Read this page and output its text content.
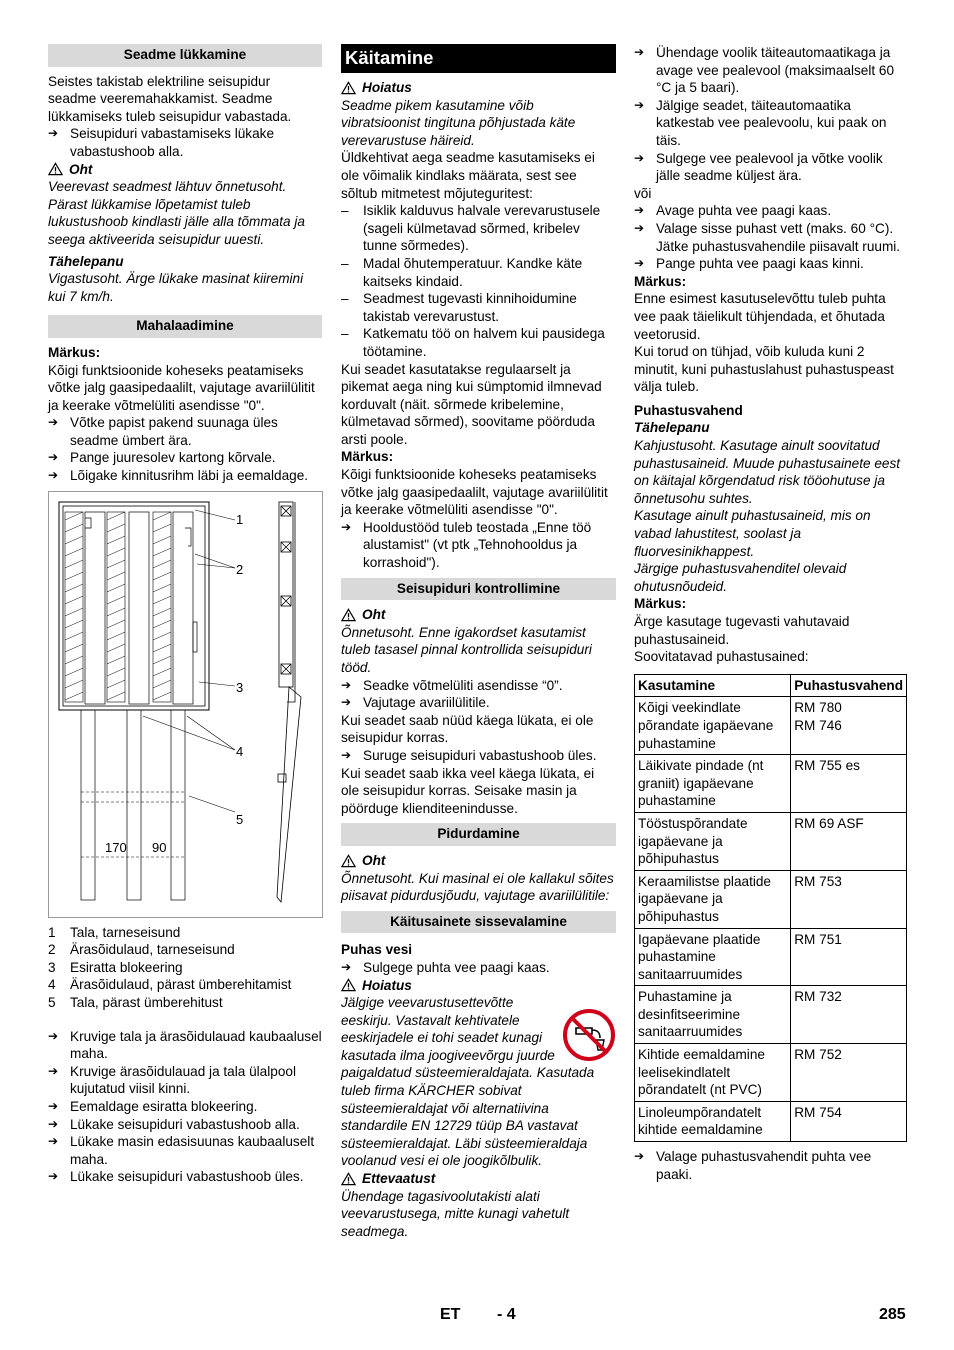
Seadme lükkamine

Seistes takistab elektriline seisupidur seadme veeremahakkamist. Seadme lükkamiseks tuleb seisupidur vabastada.

➔ Seisupiduri vabastamiseks lükake vabastushoob alla.

Oht

Veerevast seadmest lähtuv õnnetusoht. Pärast lükkamise lõpetamist tuleb lukustushoob kindlasti jälle alla tõmmata ja seega aktiveerida seisupidur uuesti.

Tähelepanu

Vigastusoht. Ärge lükake masinat kiiremini kui 7 km/h.

Mahalaadimine

Märkus:

Kõigi funktsioonide koheseks peatamiseks võtke jalg gaasipedaalilt, vajutage avariilülitit ja keerake võtmelüliti asendisse "0".

➔ Võtke papist pakend suunaga üles seadme ümbert ära.

➔ Pange juuresolev kartong kõrvale.

➔ Lõigake kinnitusrihm läbi ja eemaldage.

1
2
3
4
5
170 90
1	Tala, tarneseisund
2	Ärasõidulaud, tarneseisund
3	Esiratta blokeering
4	Ärasõidulaud, pärast ümberehitamist
5	Tala, pärast ümberehitust

➔ Kruvige tala ja ärasõidulauad kaubaalusel maha.

➔ Kruvige ärasõidulauad ja tala ülalpool kujutatud viisil kinni.

➔ Eemaldage esiratta blokeering.

➔ Lükake seisupiduri vabastushoob alla.

➔ Lükake masin edasisuunas kaubaaluselt maha.

➔ Lükake seisupiduri vabastushoob üles.

Käitamine
Hoiatus

Seadme pikem kasutamine võib vibratsioonist tingituna põhjustada käte verevarustuse häireid.

Üldkehtivat aega seadme kasutamiseks ei ole võimalik kindlaks määrata, sest see sõltub mitmetest mõjuteguritest:

– Isiklik kalduvus halvale verevarustusele (sageli külmetavad sõrmed, kribelev tunne sõrmedes).

– Madal õhutemperatuur. Kandke käte kaitseks kindaid.

– Seadmest tugevasti kinnihoidumine takistab verevarustust.

– Katkematu töö on halvem kui pausidega töötamine.

Kui seadet kasutatakse regulaarselt ja pikemat aega ning kui sümptomid ilmnevad korduvalt (näit. sõrmede kribelemine, külmetavad sõrmed), soovitame pöörduda arsti poole.

Märkus:

Kõigi funktsioonide koheseks peatamiseks võtke jalg gaasipedaalilt, vajutage avariilülitit ja keerake võtmelüliti asendisse "0".

➔ Hooldustööd tuleb teostada „Enne töö alustamist" (vt ptk „Tehnohooldus ja korrashoid").

Seisupiduri kontrollimine
Oht

Õnnetusoht. Enne igakordset kasutamist tuleb tasasel pinnal kontrollida seisupiduri tööd.

➔ Seadke võtmelüliti asendisse “0”.

➔ Vajutage avariilülitile.

Kui seadet saab nüüd käega lükata, ei ole seisupidur korras.

➔ Suruge seisupiduri vabastushoob üles.

Kui seadet saab ikka veel käega lükata, ei ole seisupidur korras. Seisake masin ja pöörduge klienditeenindusse.

Pidurdamine
Oht

Õnnetusoht. Kui masinal ei ole kallakul sõites piisavat pidurdusjõudu, vajutage avariilülitile:

Käitusainete sissevalamine

Puhas vesi

➔ Sulgege puhta vee paagi kaas.

Hoiatus

Jälgige veevarustusettevõtte eeskirju. Vastavalt kehtivatele eeskirjadele ei tohi seadet kunagi kasutada ilma joogiveevõrgu juurde paigaldatud süsteemieraldajata. Kasutada tuleb firma KÄRCHER sobivat süsteemieraldajat või alternatiivina standardile EN 12729 tüüp BA vastavat süsteemieraldajat. Läbi süsteemieraldaja voolanud vesi ei ole joogikõlbulik.

Ettevaatust

Ühendage tagasivoolutakisti alati veevarustusega, mitte kunagi vahetult seadmega.

➔ Ühendage voolik täiteautomaatikaga ja avage vee pealevool (maksimaalselt 60 °C ja 5 baari).

➔ Jälgige seadet, täiteautomaatika katkestab vee pealevoolu, kui paak on täis.

➔ Sulgege vee pealevool ja võtke voolik jälle seadme küljest ära.

või

➔ Avage puhta vee paagi kaas.

➔ Valage sisse puhast vett (maks. 60 °C). Jätke puhastusvahendile piisavalt ruumi.

➔ Pange puhta vee paagi kaas kinni.

Märkus:

Enne esimest kasutuselevõttu tuleb puhta vee paak täielikult tühjendada, et õhutada veetorusid.

Kui torud on tühjad, võib kuluda kuni 2 minutit, kuni puhastuslahust puhastuspeast välja tuleb.

Puhastusvahend

Tähelepanu

Kahjustusoht. Kasutage ainult soovitatud puhastusaineid. Muude puhastusainete eest on käitajal kõrgendatud risk tööohutuse ja õnnetusohu suhtes.

Kasutage ainult puhastusaineid, mis on vabad lahustitest, soolast ja fluorvesinikhappest.

Järgige puhastusvahenditel olevaid ohutusnõudeid.

Märkus:

Ärge kasutage tugevasti vahutavaid puhastusaineid.

Soovitatavad puhastusained:

Kasutamine	Puhastusvahend
Kõigi veekindlate põrandate igapäevane puhastamine	RM 780
RM 746
Läikivate pindade (nt graniit) igapäevane puhastamine	RM 755 es
Tööstuspõrandate igapäevane ja põhipuhastus	RM 69 ASF
Keraamilistse plaatide igapäevane ja põhipuhastus	RM 753
Igapäevane plaatide puhastamine sanitaarruumides	RM 751
Puhastamine ja desinfitseerimine sanitaarruumides	RM 732
Kihtide eemaldamine leelisekindlatelt põrandatelt (nt PVC)	RM 752
Linoleumpõrandatelt kihtide eemaldamine	RM 754

➔ Valage puhastusvahendit puhta vee paaki.

ET - 4	285
